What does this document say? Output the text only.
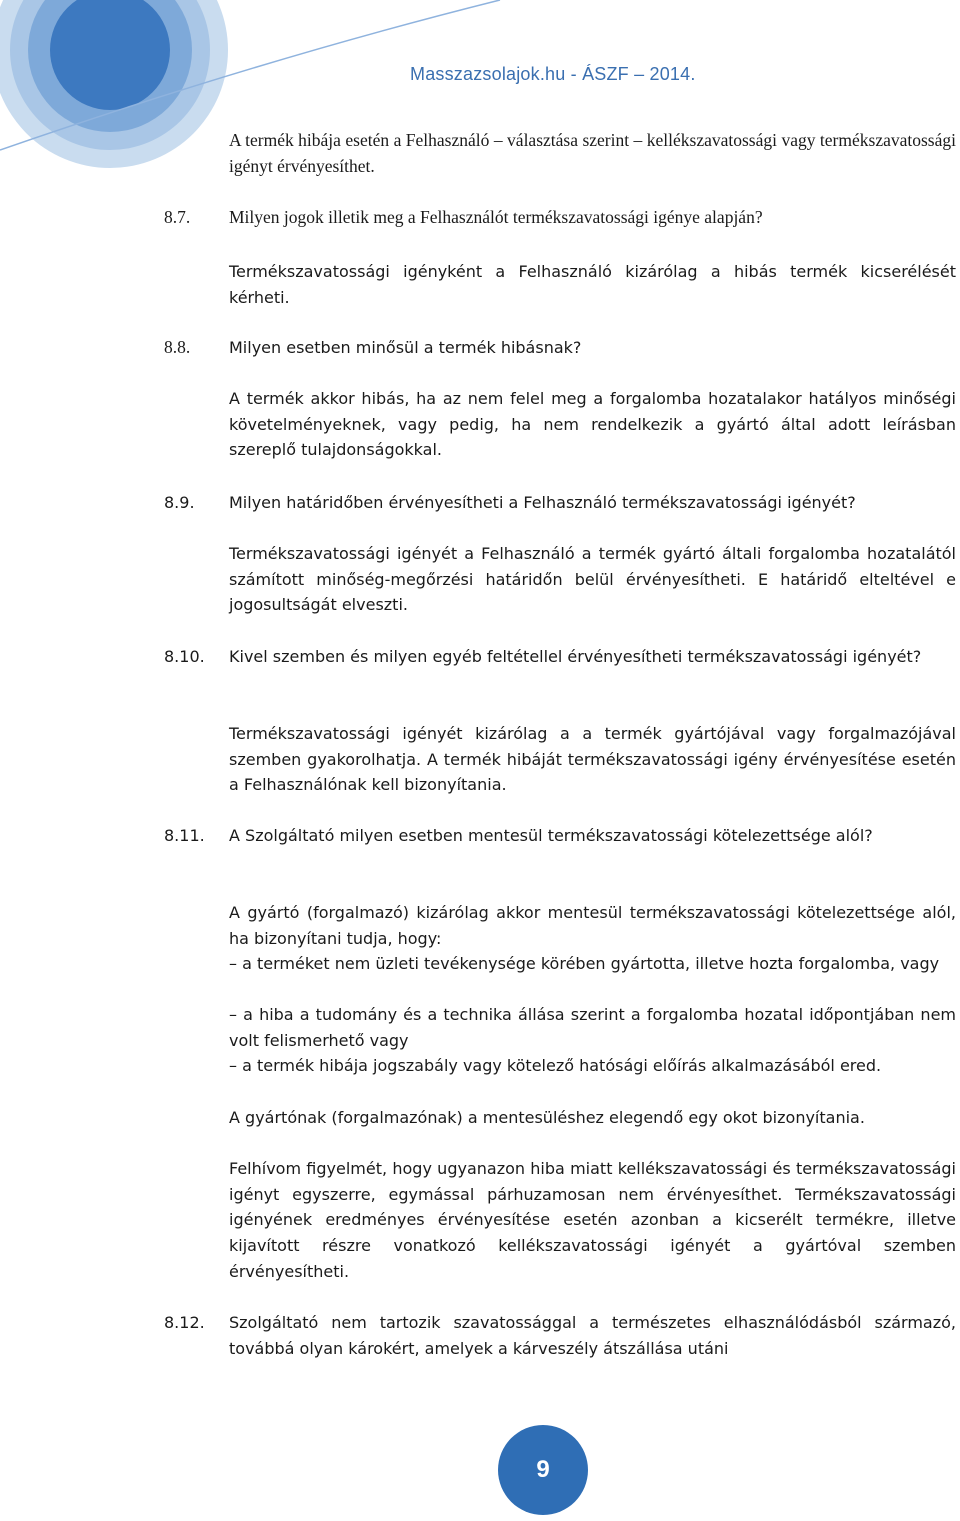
Masszazsolajok.hu - ÁSZF – 2014.

A termék hibája esetén a Felhasználó – választása szerint – kellékszavatossági vagy termékszavatossági igényt érvényesíthet.

8.7. Milyen jogok illetik meg a Felhasználót termékszavatossági igénye alapján?

Termékszavatossági igényként a Felhasználó kizárólag a hibás termék kicserélését kérheti.

8.8. Milyen esetben minősül a termék hibásnak?

A termék akkor hibás, ha az nem felel meg a forgalomba hozatalakor hatályos minőségi követelményeknek, vagy pedig, ha nem rendelkezik a gyártó által adott leírásban szereplő tulajdonságokkal.

8.9. Milyen határidőben érvényesítheti a Felhasználó termékszavatossági igényét?

Termékszavatossági igényét a Felhasználó a termék gyártó általi forgalomba hozatalától számított minőség-megőrzési határidőn belül érvényesítheti. E határidő elteltével e jogosultságát elveszti.

8.10. Kivel szemben és milyen egyéb feltétellel érvényesítheti termékszavatossági igényét?

Termékszavatossági igényét kizárólag a a termék gyártójával vagy forgalmazójával szemben gyakorolhatja. A termék hibáját termékszavatossági igény érvényesítése esetén a Felhasználónak kell bizonyítania.

8.11. A Szolgáltató milyen esetben mentesül termékszavatossági kötelezettsége alól?

A gyártó (forgalmazó) kizárólag akkor mentesül termékszavatossági kötelezettsége alól, ha bizonyítani tudja, hogy:

– a terméket nem üzleti tevékenysége körében gyártotta, illetve hozta forgalomba, vagy

– a hiba a tudomány és a technika állása szerint a forgalomba hozatal időpontjában nem volt felismerhető vagy

– a termék hibája jogszabály vagy kötelező hatósági előírás alkalmazásából ered.

A gyártónak (forgalmazónak) a mentesüléshez elegendő egy okot bizonyítania.

Felhívom figyelmét, hogy ugyanazon hiba miatt kellékszavatossági és termékszavatossági igényt egyszerre, egymással párhuzamosan nem érvényesíthet. Termékszavatossági igényének eredményes érvényesítése esetén azonban a kicserélt termékre, illetve kijavított részre vonatkozó kellékszavatossági igényét a gyártóval szemben érvényesítheti.

8.12. Szolgáltató nem tartozik szavatossággal a természetes elhasználódásból származó, továbbá olyan károkért, amelyek a kárveszély átszállása utáni

9
